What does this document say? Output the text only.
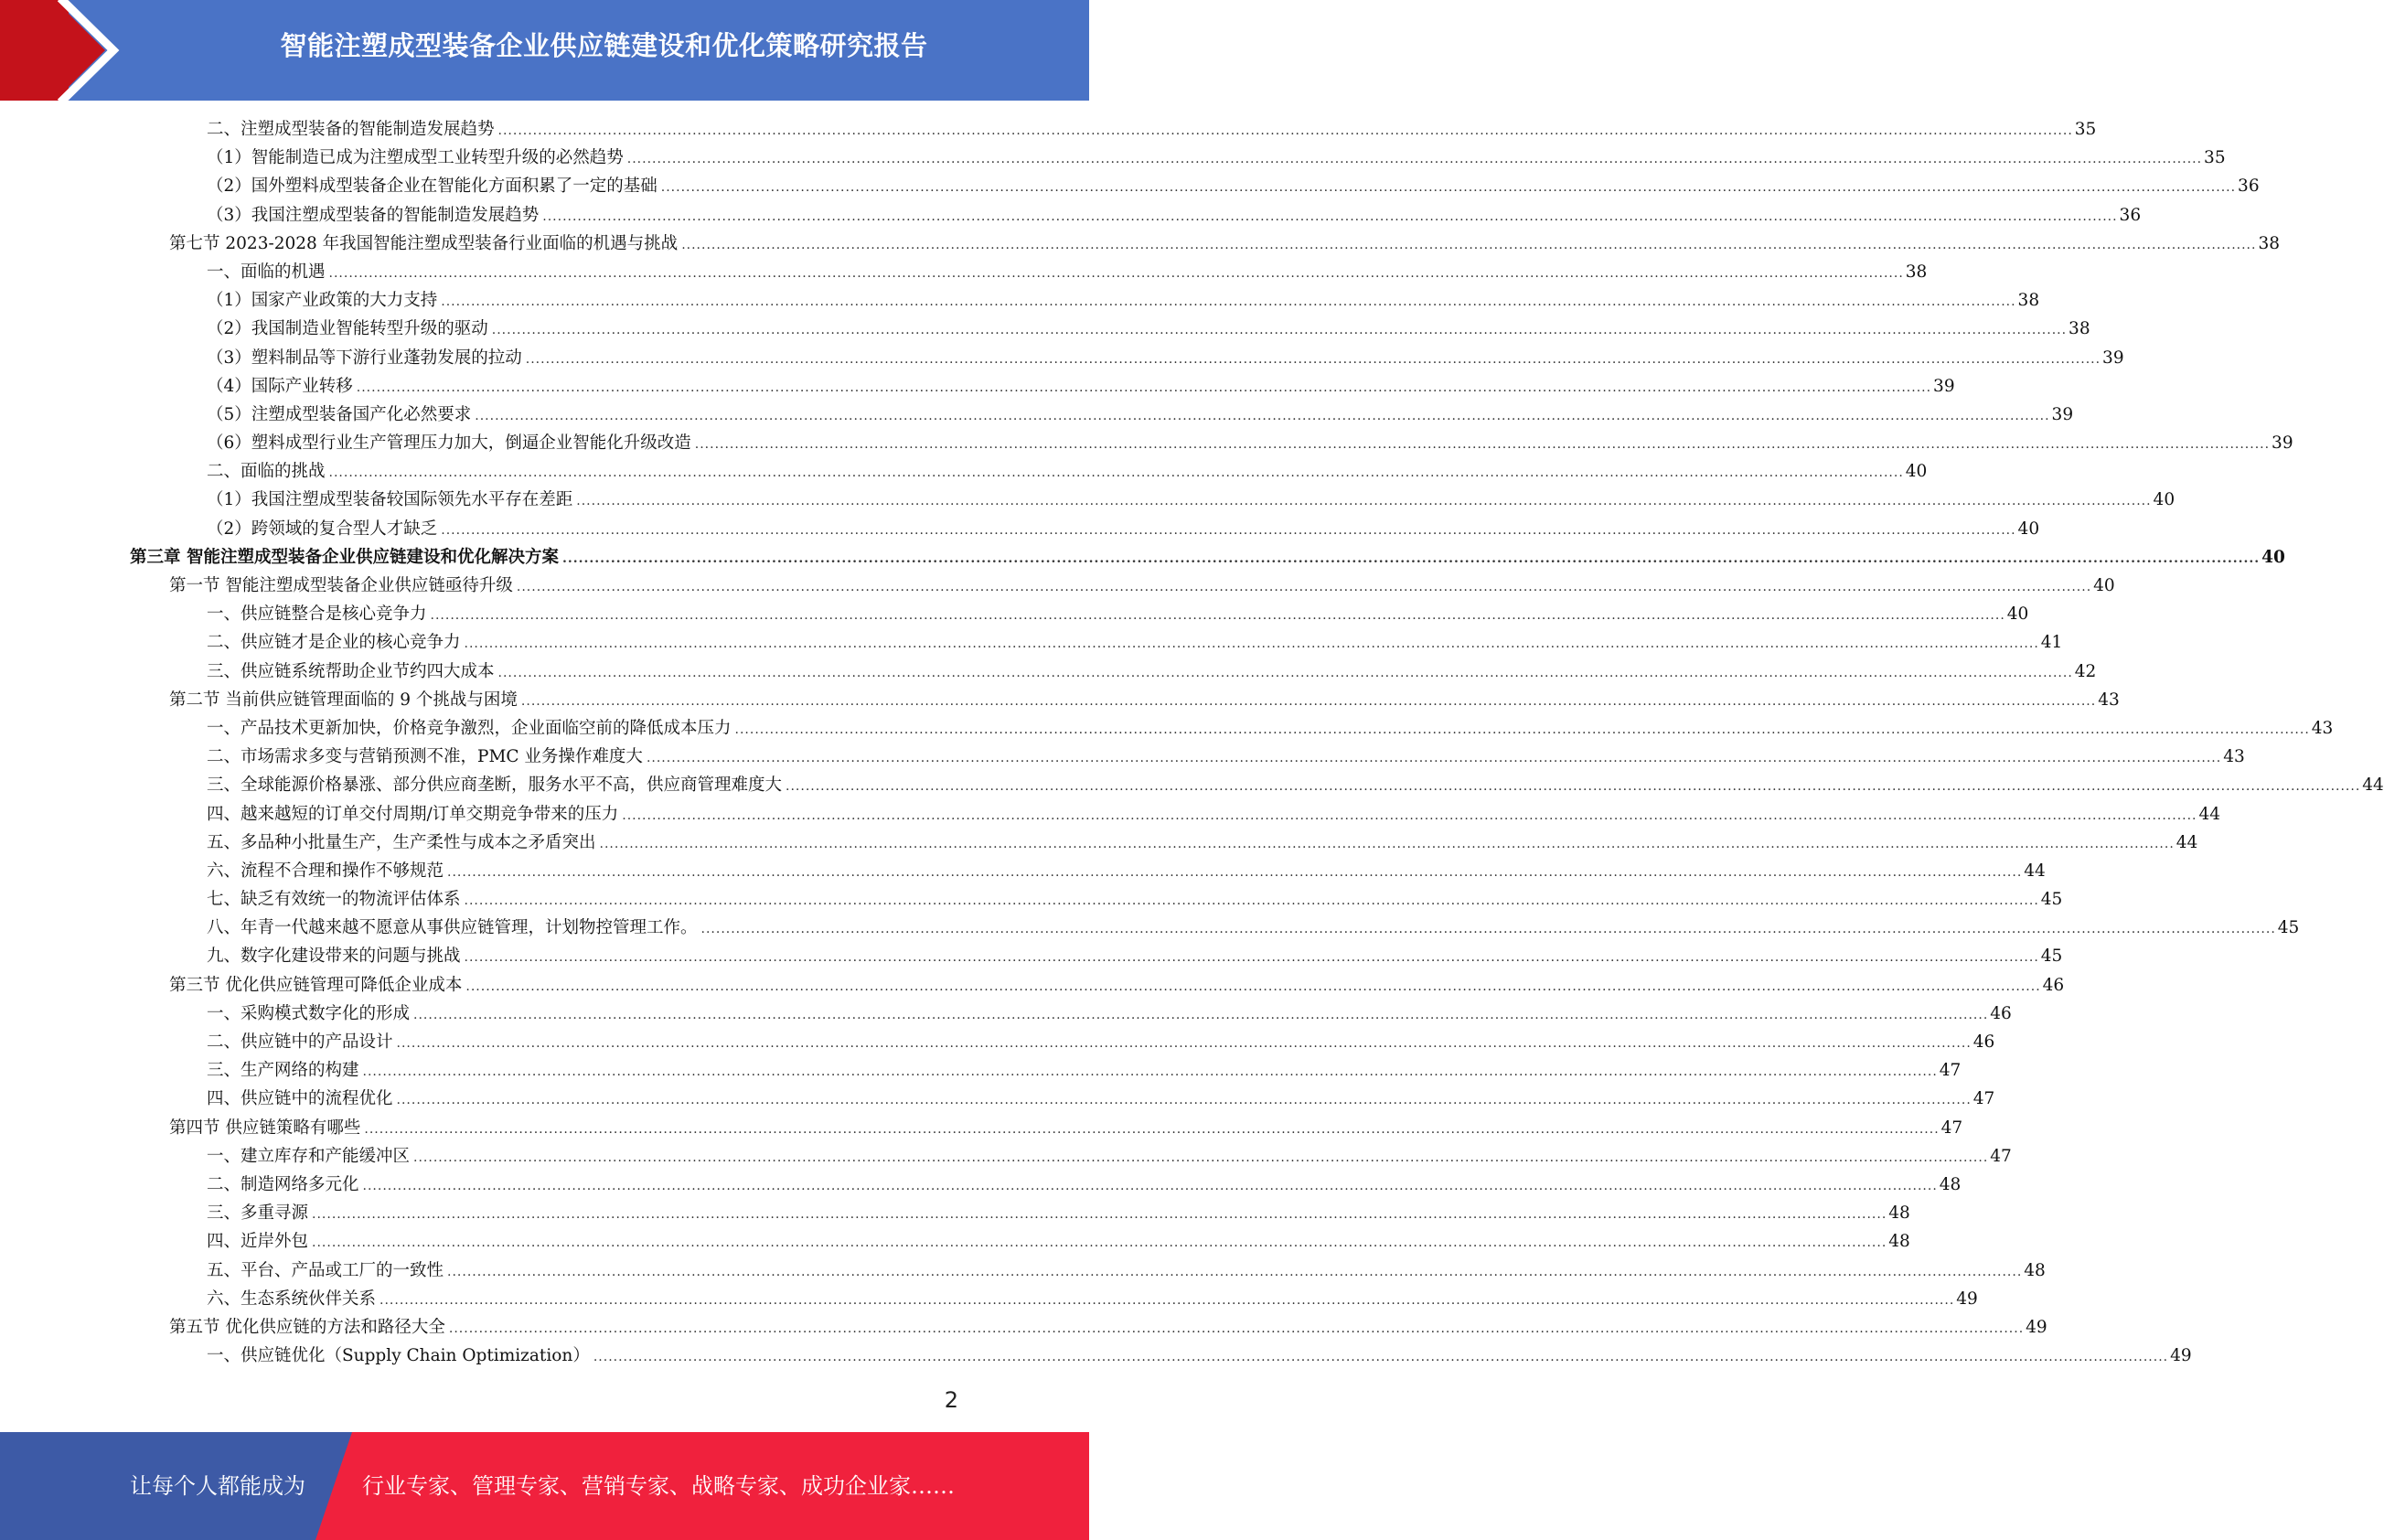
智能注塑成型装备企业供应链建设和优化策略研究报告
二、注塑成型装备的智能制造发展趋势 .....	35
（1）智能制造已成为注塑成型工业转型升级的必然趋势 .....	35
（2）国外塑料成型装备企业在智能化方面积累了一定的基础 .....	36
（3）我国注塑成型装备的智能制造发展趋势 .....	36
第七节 2023-2028 年我国智能注塑成型装备行业面临的机遇与挑战 .....	38
一、面临的机遇 .....	38
（1）国家产业政策的大力支持 .....	38
（2）我国制造业智能转型升级的驱动 .....	38
（3）塑料制品等下游行业蓬勃发展的拉动 .....	39
（4）国际产业转移 .....	39
（5）注塑成型装备国产化必然要求 .....	39
（6）塑料成型行业生产管理压力加大，倒逼企业智能化升级改造 .....	39
二、面临的挑战 .....	40
（1）我国注塑成型装备较国际领先水平存在差距 .....	40
（2）跨领域的复合型人才缺乏 .....	40
第三章 智能注塑成型装备企业供应链建设和优化解决方案 .....	40
第一节 智能注塑成型装备企业供应链亟待升级 .....	40
一、供应链整合是核心竞争力 .....	40
二、供应链才是企业的核心竞争力 .....	41
三、供应链系统帮助企业节约四大成本 .....	42
第二节 当前供应链管理面临的 9 个挑战与困境 .....	43
一、产品技术更新加快，价格竞争激烈，企业面临空前的降低成本压力 .....	43
二、市场需求多变与营销预测不准，PMC 业务操作难度大 .....	43
三、全球能源价格暴涨、部分供应商垄断，服务水平不高，供应商管理难度大 .....	44
四、越来越短的订单交付周期/订单交期竞争带来的压力 .....	44
五、多品种小批量生产，生产柔性与成本之矛盾突出 .....	44
六、流程不合理和操作不够规范 .....	44
七、缺乏有效统一的物流评估体系 .....	45
八、年青一代越来越不愿意从事供应链管理，计划物控管理工作。 .....	45
九、数字化建设带来的问题与挑战 .....	45
第三节 优化供应链管理可降低企业成本 .....	46
一、采购模式数字化的形成 .....	46
二、供应链中的产品设计 .....	46
三、生产网络的构建 .....	47
四、供应链中的流程优化 .....	47
第四节 供应链策略有哪些 .....	47
一、建立库存和产能缓冲区 .....	47
二、制造网络多元化 .....	48
三、多重寻源 .....	48
四、近岸外包 .....	48
五、平台、产品或工厂的一致性 .....	48
六、生态系统伙伴关系 .....	49
第五节 优化供应链的方法和路径大全 .....	49
一、供应链优化（Supply Chain Optimization） .....	49
2
让每个人都能成为	行业专家、管理专家、营销专家、战略专家、成功企业家……
